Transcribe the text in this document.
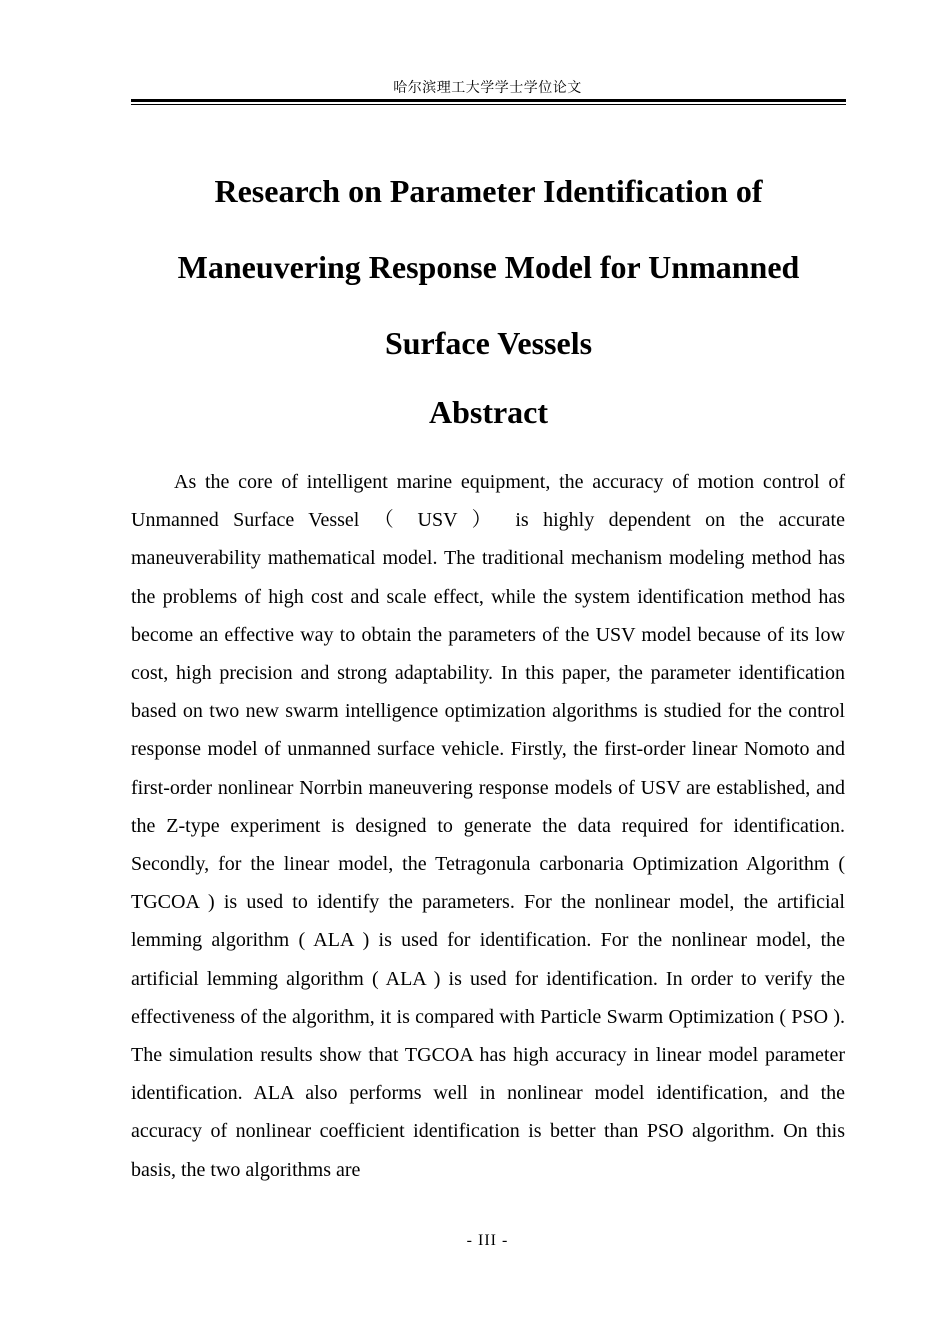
哈尔滨理工大学学士学位论文
Research on Parameter Identification of
Maneuvering Response Model for Unmanned
Surface Vessels
Abstract

As the core of intelligent marine equipment, the accuracy of motion control of Unmanned Surface Vessel （ USV ） is highly dependent on the accurate maneuverability mathematical model. The traditional mechanism modeling method has the problems of high cost and scale effect, while the system identification method has become an effective way to obtain the parameters of the USV model because of its low cost, high precision and strong adaptability. In this paper, the parameter identification based on two new swarm intelligence optimization algorithms is studied for the control response model of unmanned surface vehicle. Firstly, the first-order linear Nomoto and first-order nonlinear Norrbin maneuvering response models of USV are established, and the Z-type experiment is designed to generate the data required for identification. Secondly, for the linear model, the Tetragonula carbonaria Optimization Algorithm ( TGCOA ) is used to identify the parameters. For the nonlinear model, the artificial lemming algorithm ( ALA ) is used for identification. For the nonlinear model, the artificial lemming algorithm ( ALA ) is used for identification. In order to verify the effectiveness of the algorithm, it is compared with Particle Swarm Optimization ( PSO ). The simulation results show that TGCOA has high accuracy in linear model parameter identification. ALA also performs well in nonlinear model identification, and the accuracy of nonlinear coefficient identification is better than PSO algorithm. On this basis, the two algorithms are

- III -
